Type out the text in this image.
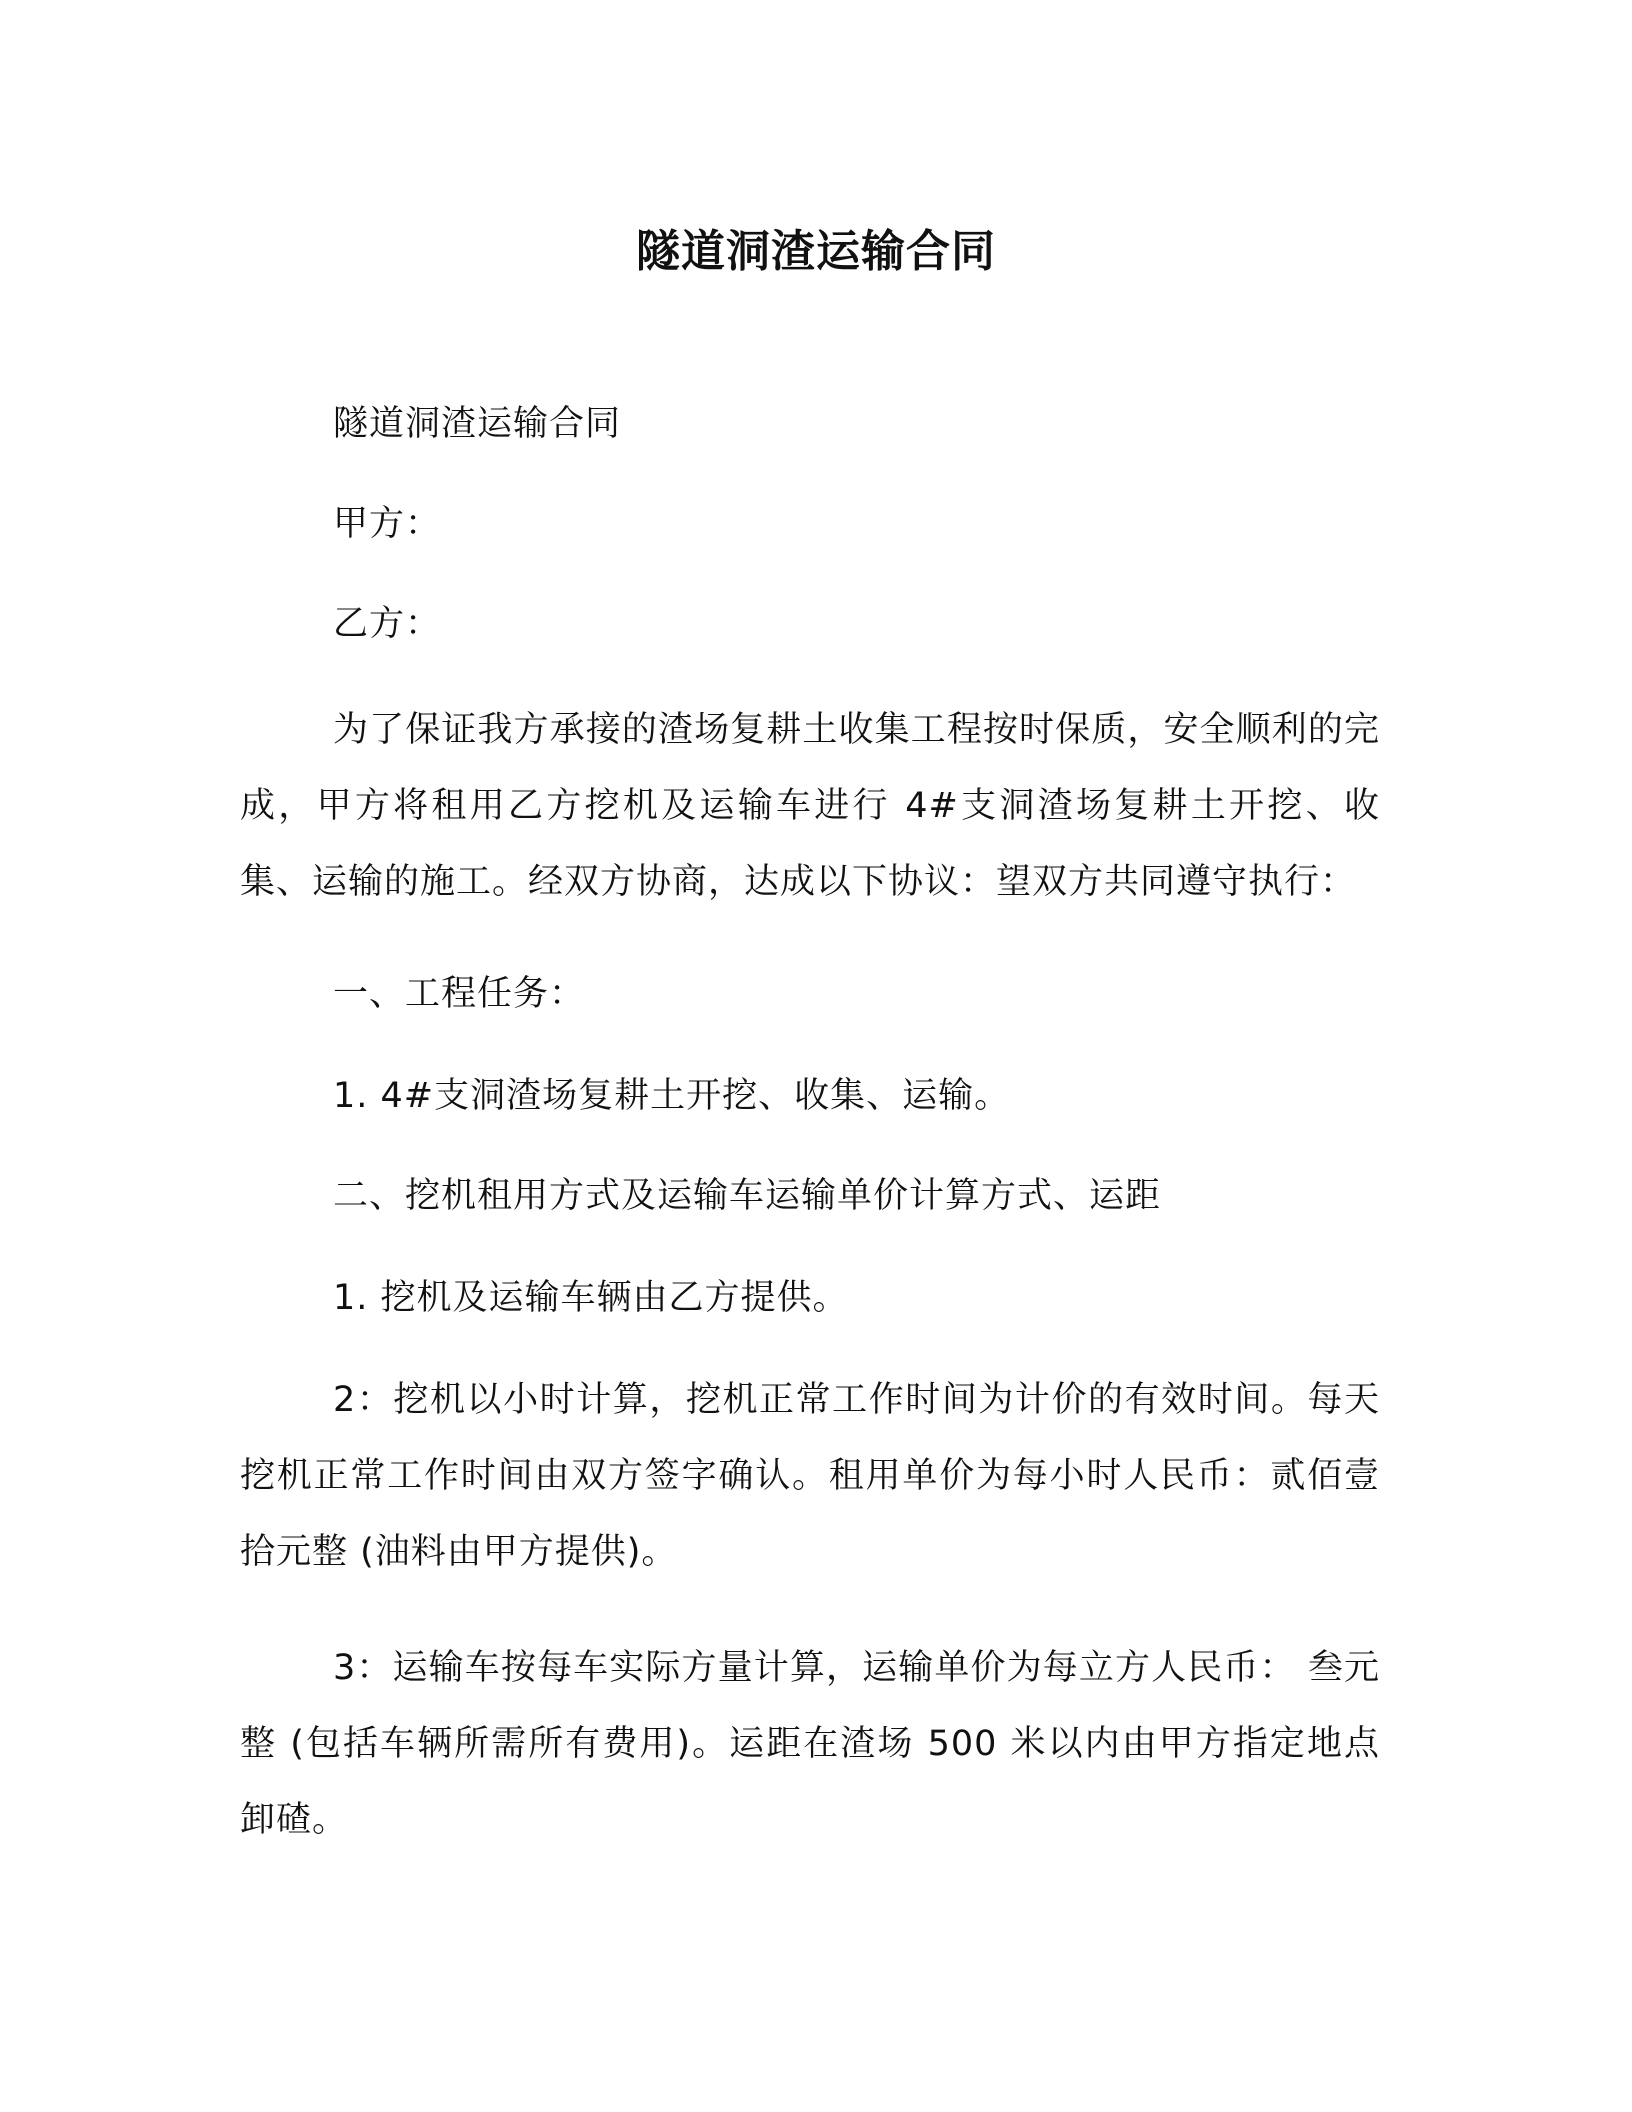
隧道洞渣运输合同

隧道洞渣运输合同

甲方：

乙方：

为了保证我方承接的渣场复耕土收集工程按时保质，安全顺利的完成，甲方将租用乙方挖机及运输车进行 4#支洞渣场复耕土开挖、收集、运输的施工。经双方协商，达成以下协议：望双方共同遵守执行：

一、工程任务：

1. 4#支洞渣场复耕土开挖、收集、运输。

二、挖机租用方式及运输车运输单价计算方式、运距

1. 挖机及运输车辆由乙方提供。

2：挖机以小时计算，挖机正常工作时间为计价的有效时间。每天挖机正常工作时间由双方签字确认。租用单价为每小时人民币：贰佰壹拾元整 (油料由甲方提供)。

3：运输车按每车实际方量计算，运输单价为每立方人民币： 叁元整 (包括车辆所需所有费用)。运距在渣场 500 米以内由甲方指定地点卸碴。
